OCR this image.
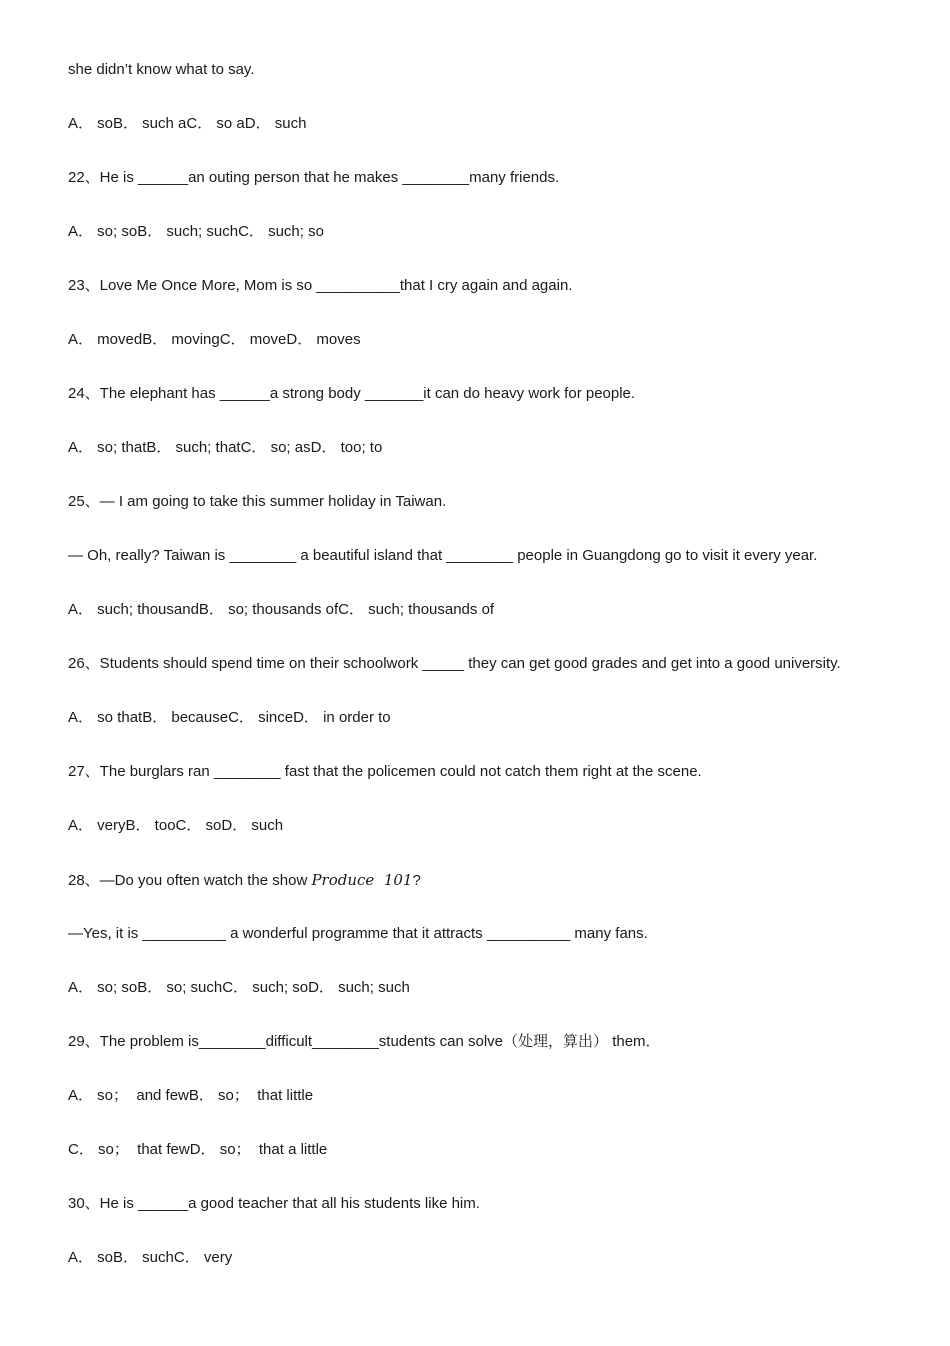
she didn’t know what to say.
A． soB． such aC． so aD． such
22、He is ______an outing person that he makes ________many friends.
A． so; soB． such; suchC． such; so
23、Love Me Once More, Mom is so __________that I cry again and again.
A． movedB． movingC． moveD． moves
24、The elephant has ______a strong body _______it can do heavy work for people.
A． so; thatB． such; thatC． so; asD． too; to
25、— I am going to take this summer holiday in Taiwan.
— Oh, really? Taiwan is ________ a beautiful island that ________ people in Guangdong go to visit it every year.
A． such; thousandB． so; thousands ofC． such; thousands of
26、Students should spend time on their schoolwork _____ they can get good grades and get into a good university.
A． so thatB． becauseC． sinceD． in order to
27、The burglars ran ________ fast that the policemen could not catch them right at the scene.
A． veryB． tooC． soD． such
28、—Do you often watch the show Produce  101?
—Yes, it is __________ a wonderful programme that it attracts __________ many fans.
A． so; soB． so; suchC． such; soD． such; such
29、The problem is________difficult________students can solve（处理，算出） them．
A． so；  and fewB． so；  that little
C． so；  that fewD． so；  that a little
30、He is ______a good teacher that all his students like him.
A． soB． suchC． very
